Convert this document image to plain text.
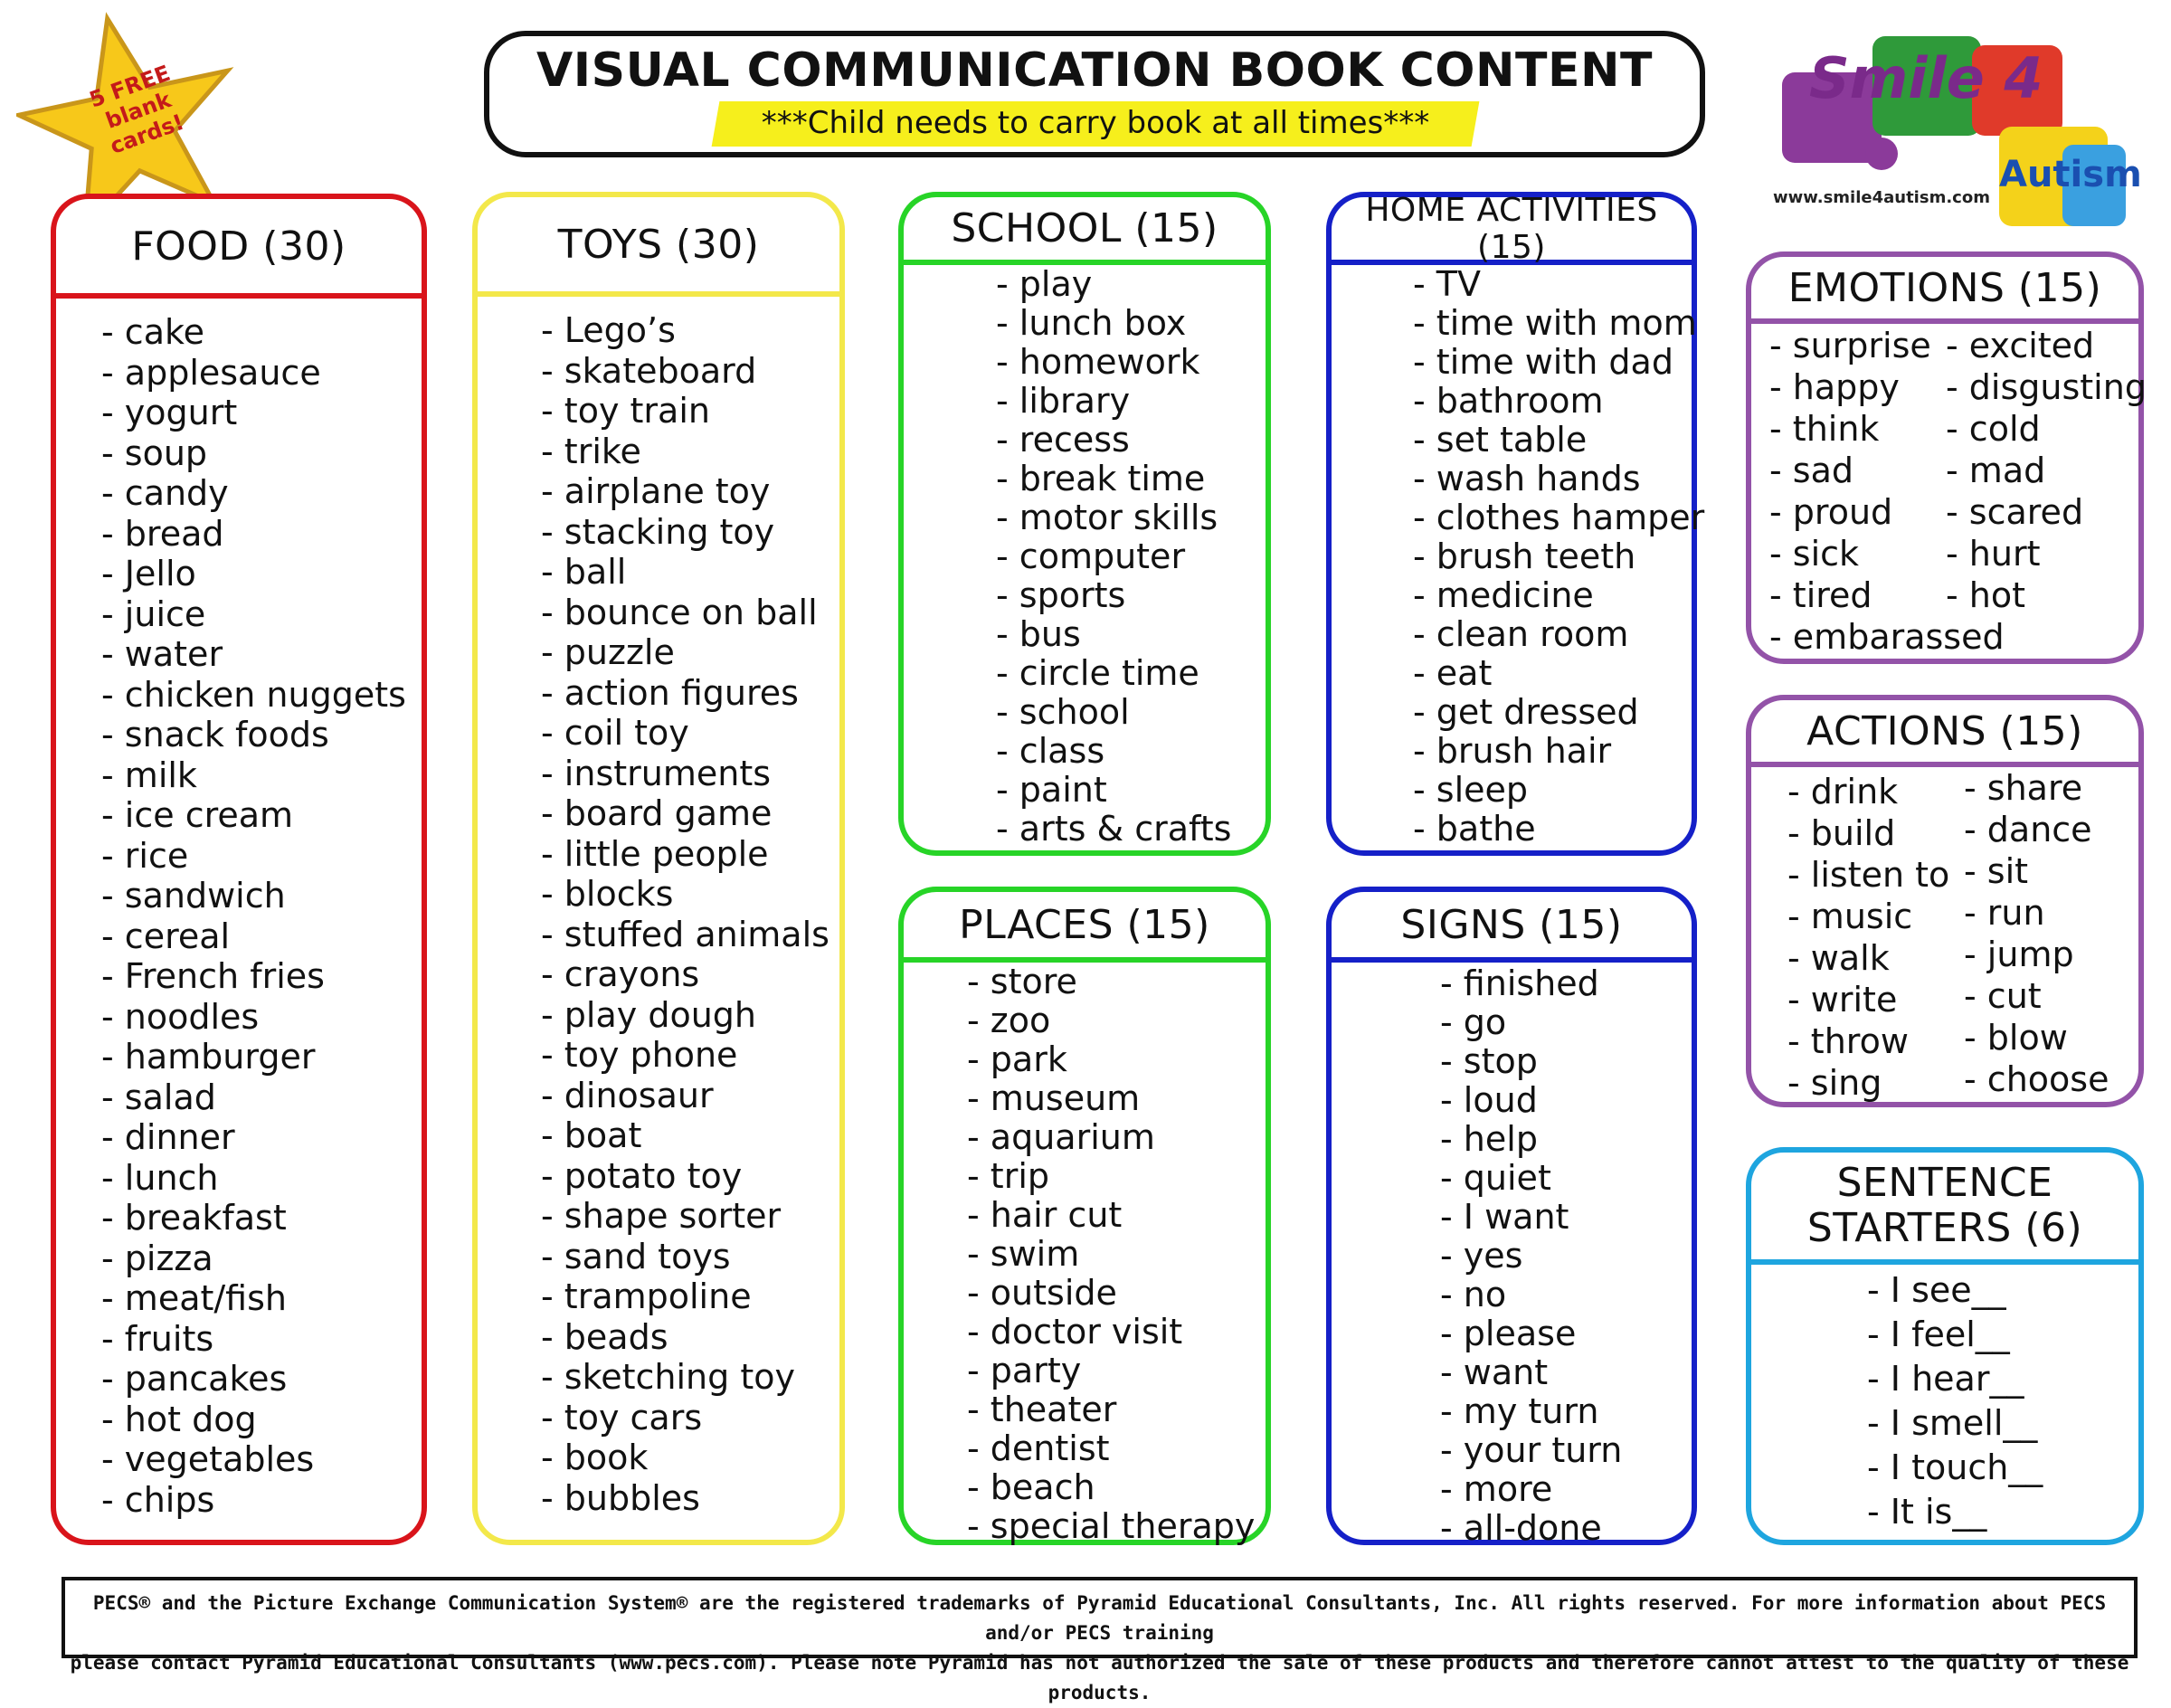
VISUAL COMMUNICATION BOOK CONTENT
***Child needs to carry book at all times***
5 FREE blank cards!
Smile 4
Autism
www.smile4autism.com
FOOD (30)
- cake
- applesauce
- yogurt
- soup
- candy
- bread
- Jello
- juice
- water
- chicken nuggets
- snack foods
- milk
- ice cream
- rice
- sandwich
- cereal
- French fries
- noodles
- hamburger
- salad
- dinner
- lunch
- breakfast
- pizza
- meat/fish
- fruits
- pancakes
- hot dog
- vegetables
- chips
TOYS (30)
- Lego’s
- skateboard
- toy train
- trike
- airplane toy
- stacking toy
- ball
- bounce on ball
- puzzle
- action figures
- coil toy
- instruments
- board game
- little people
- blocks
- stuffed animals
- crayons
- play dough
- toy phone
- dinosaur
- boat
- potato toy
- shape sorter
- sand toys
- trampoline
- beads
- sketching toy
- toy cars
- book
- bubbles
SCHOOL (15)
- play
- lunch box
- homework
- library
- recess
- break time
- motor skills
- computer
- sports
- bus
- circle time
- school
- class
- paint
- arts & crafts
HOME ACTIVITIES (15)
- TV
- time with mom
- time with dad
- bathroom
- set table
- wash hands
- clothes hamper
- brush teeth
- medicine
- clean room
- eat
- get dressed
- brush hair
- sleep
- bathe
PLACES (15)
- store
- zoo
- park
- museum
- aquarium
- trip
- hair cut
- swim
- outside
- doctor visit
- party
- theater
- dentist
- beach
- special therapy
SIGNS (15)
- finished
- go
- stop
- loud
- help
- quiet
- I want
- yes
- no
- please
- want
- my turn
- your turn
- more
- all-done
EMOTIONS (15)
- surprise
- happy
- think
- sad
- proud
- sick
- tired
- embarassed
- excited
- disgusting
- cold
- mad
- scared
- hurt
- hot
ACTIONS (15)
- drink
- build
- listen to
- music
- walk
- write
- throw
- sing
- share
- dance
- sit
- run
- jump
- cut
- blow
- choose
SENTENCE
STARTERS (6)
- I see__
- I feel__
- I hear__
- I smell__
- I touch__
- It is__
PECS® and the Picture Exchange Communication System® are the registered trademarks of Pyramid Educational Consultants, Inc. All rights reserved. For more information about PECS and/or PECS training
please contact Pyramid Educational Consultants (www.pecs.com). Please note Pyramid has not authorized the sale of these products and therefore cannot attest to the quality of these products.
